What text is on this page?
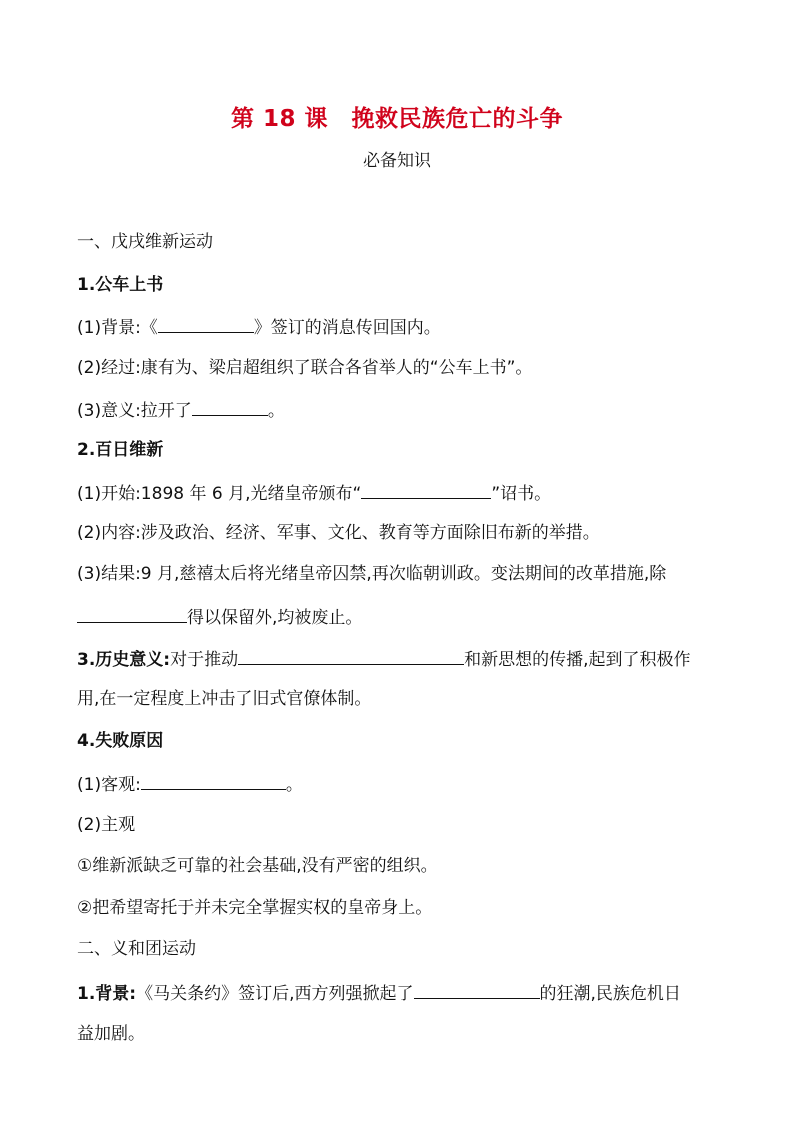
第 18 课　挽救民族危亡的斗争
必备知识
一、戊戌维新运动
1.公车上书
(1)背景:《	》签订的消息传回国内。
(2)经过:康有为、梁启超组织了联合各省举人的“公车上书”。
(3)意义:拉开了	。
2.百日维新
(1)开始:1898 年 6 月,光绪皇帝颁布“	”诏书。
(2)内容:涉及政治、经济、军事、文化、教育等方面除旧布新的举措。
(3)结果:9 月,慈禧太后将光绪皇帝囚禁,再次临朝训政。变法期间的改革措施,除
得以保留外,均被废止。
3.历史意义:对于推动	和新思想的传播,起到了积极作
用,在一定程度上冲击了旧式官僚体制。
4.失败原因
(1)客观:	。
(2)主观
①维新派缺乏可靠的社会基础,没有严密的组织。
②把希望寄托于并未完全掌握实权的皇帝身上。
二、义和团运动
1.背景:《马关条约》签订后,西方列强掀起了	的狂潮,民族危机日
益加剧。
